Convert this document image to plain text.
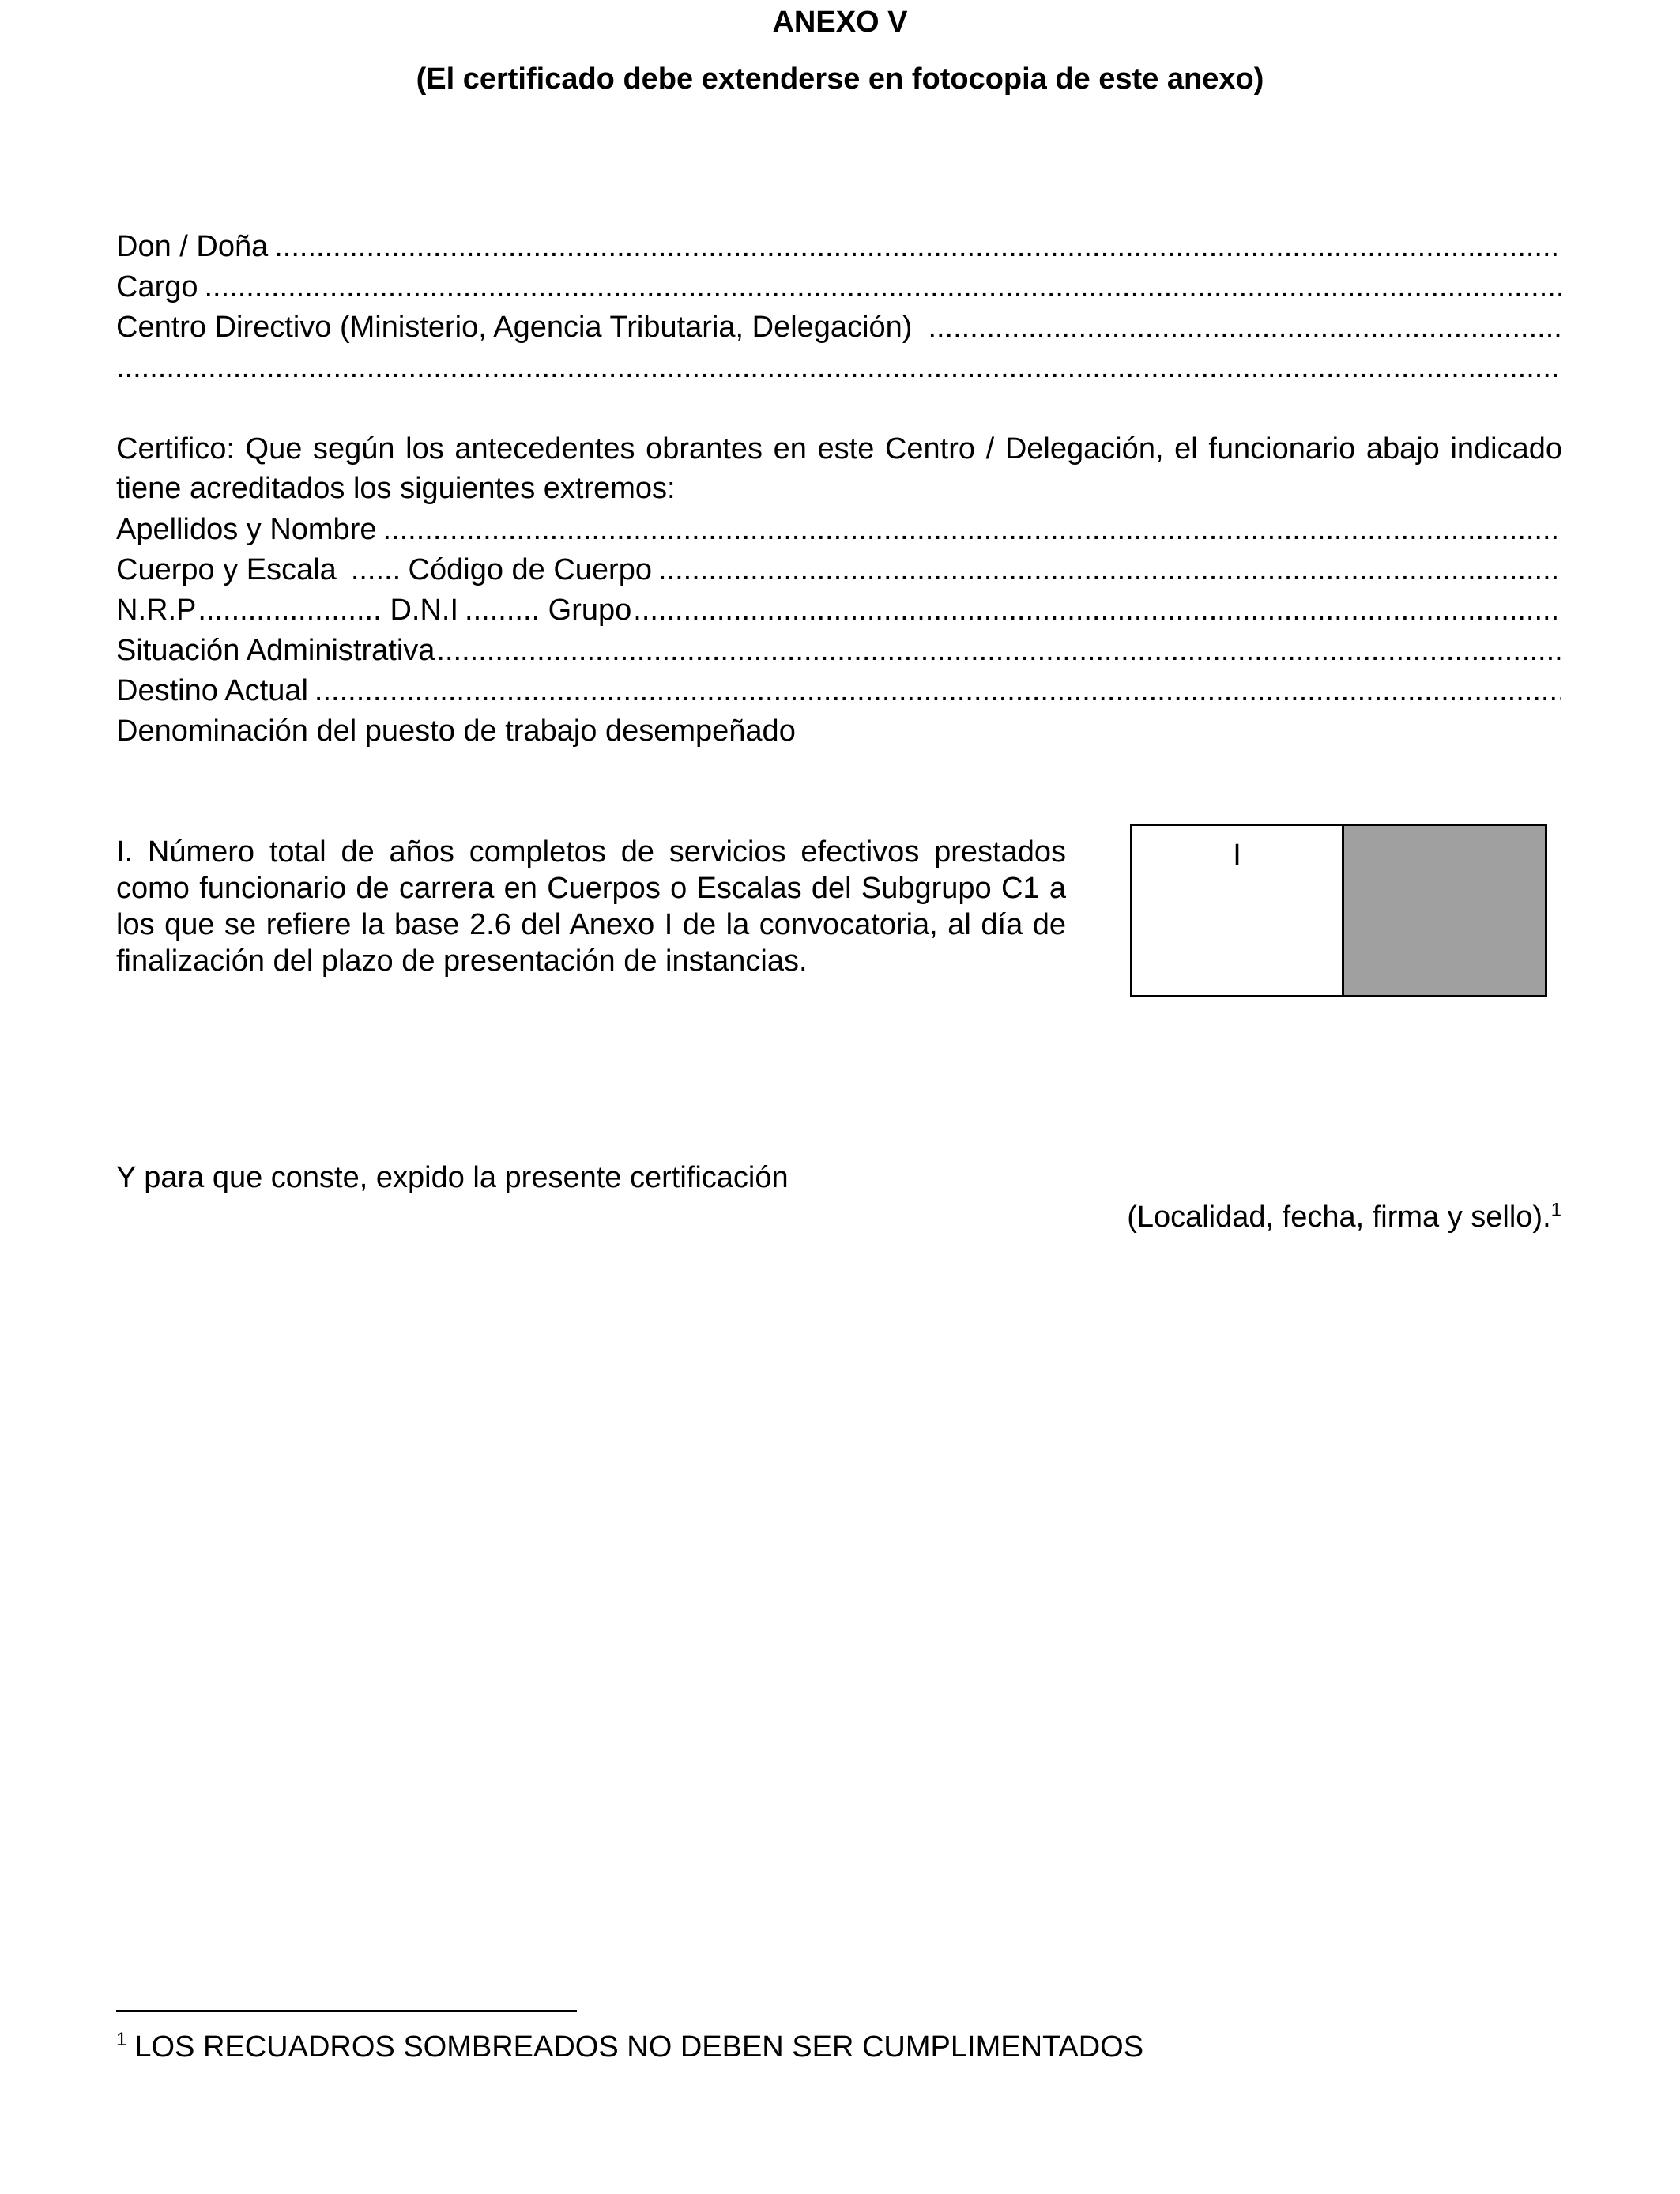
ANEXO V
(El certificado debe extenderse en fotocopia de este anexo)
Don / Doña
.....
Cargo
.....
Centro Directivo (Ministerio, Agencia Tributaria, Delegación)
.....
.....
Certifico: Que según los antecedentes obrantes en este Centro / Delegación, el funcionario abajo indicado tiene acreditados los siguientes extremos:
Apellidos y Nombre
.....
Cuerpo y Escala ..... Código de Cuerpo
.....
N.R.P .....	D.N.I .....	Grupo
.....
Situación Administrativa
.....
Destino Actual
.....
Denominación del puesto de trabajo desempeñado
I. Número total de años completos de servicios efectivos prestados como funcionario de carrera en Cuerpos o Escalas del Subgrupo C1 a los que se refiere la base 2.6 del Anexo I de la convocatoria, al día de finalización del plazo de presentación de instancias.
I
Y para que conste, expido la presente certificación
(Localidad, fecha, firma y sello).$^1$
$^1$ LOS RECUADROS SOMBREADOS NO DEBEN SER CUMPLIMENTADOS
